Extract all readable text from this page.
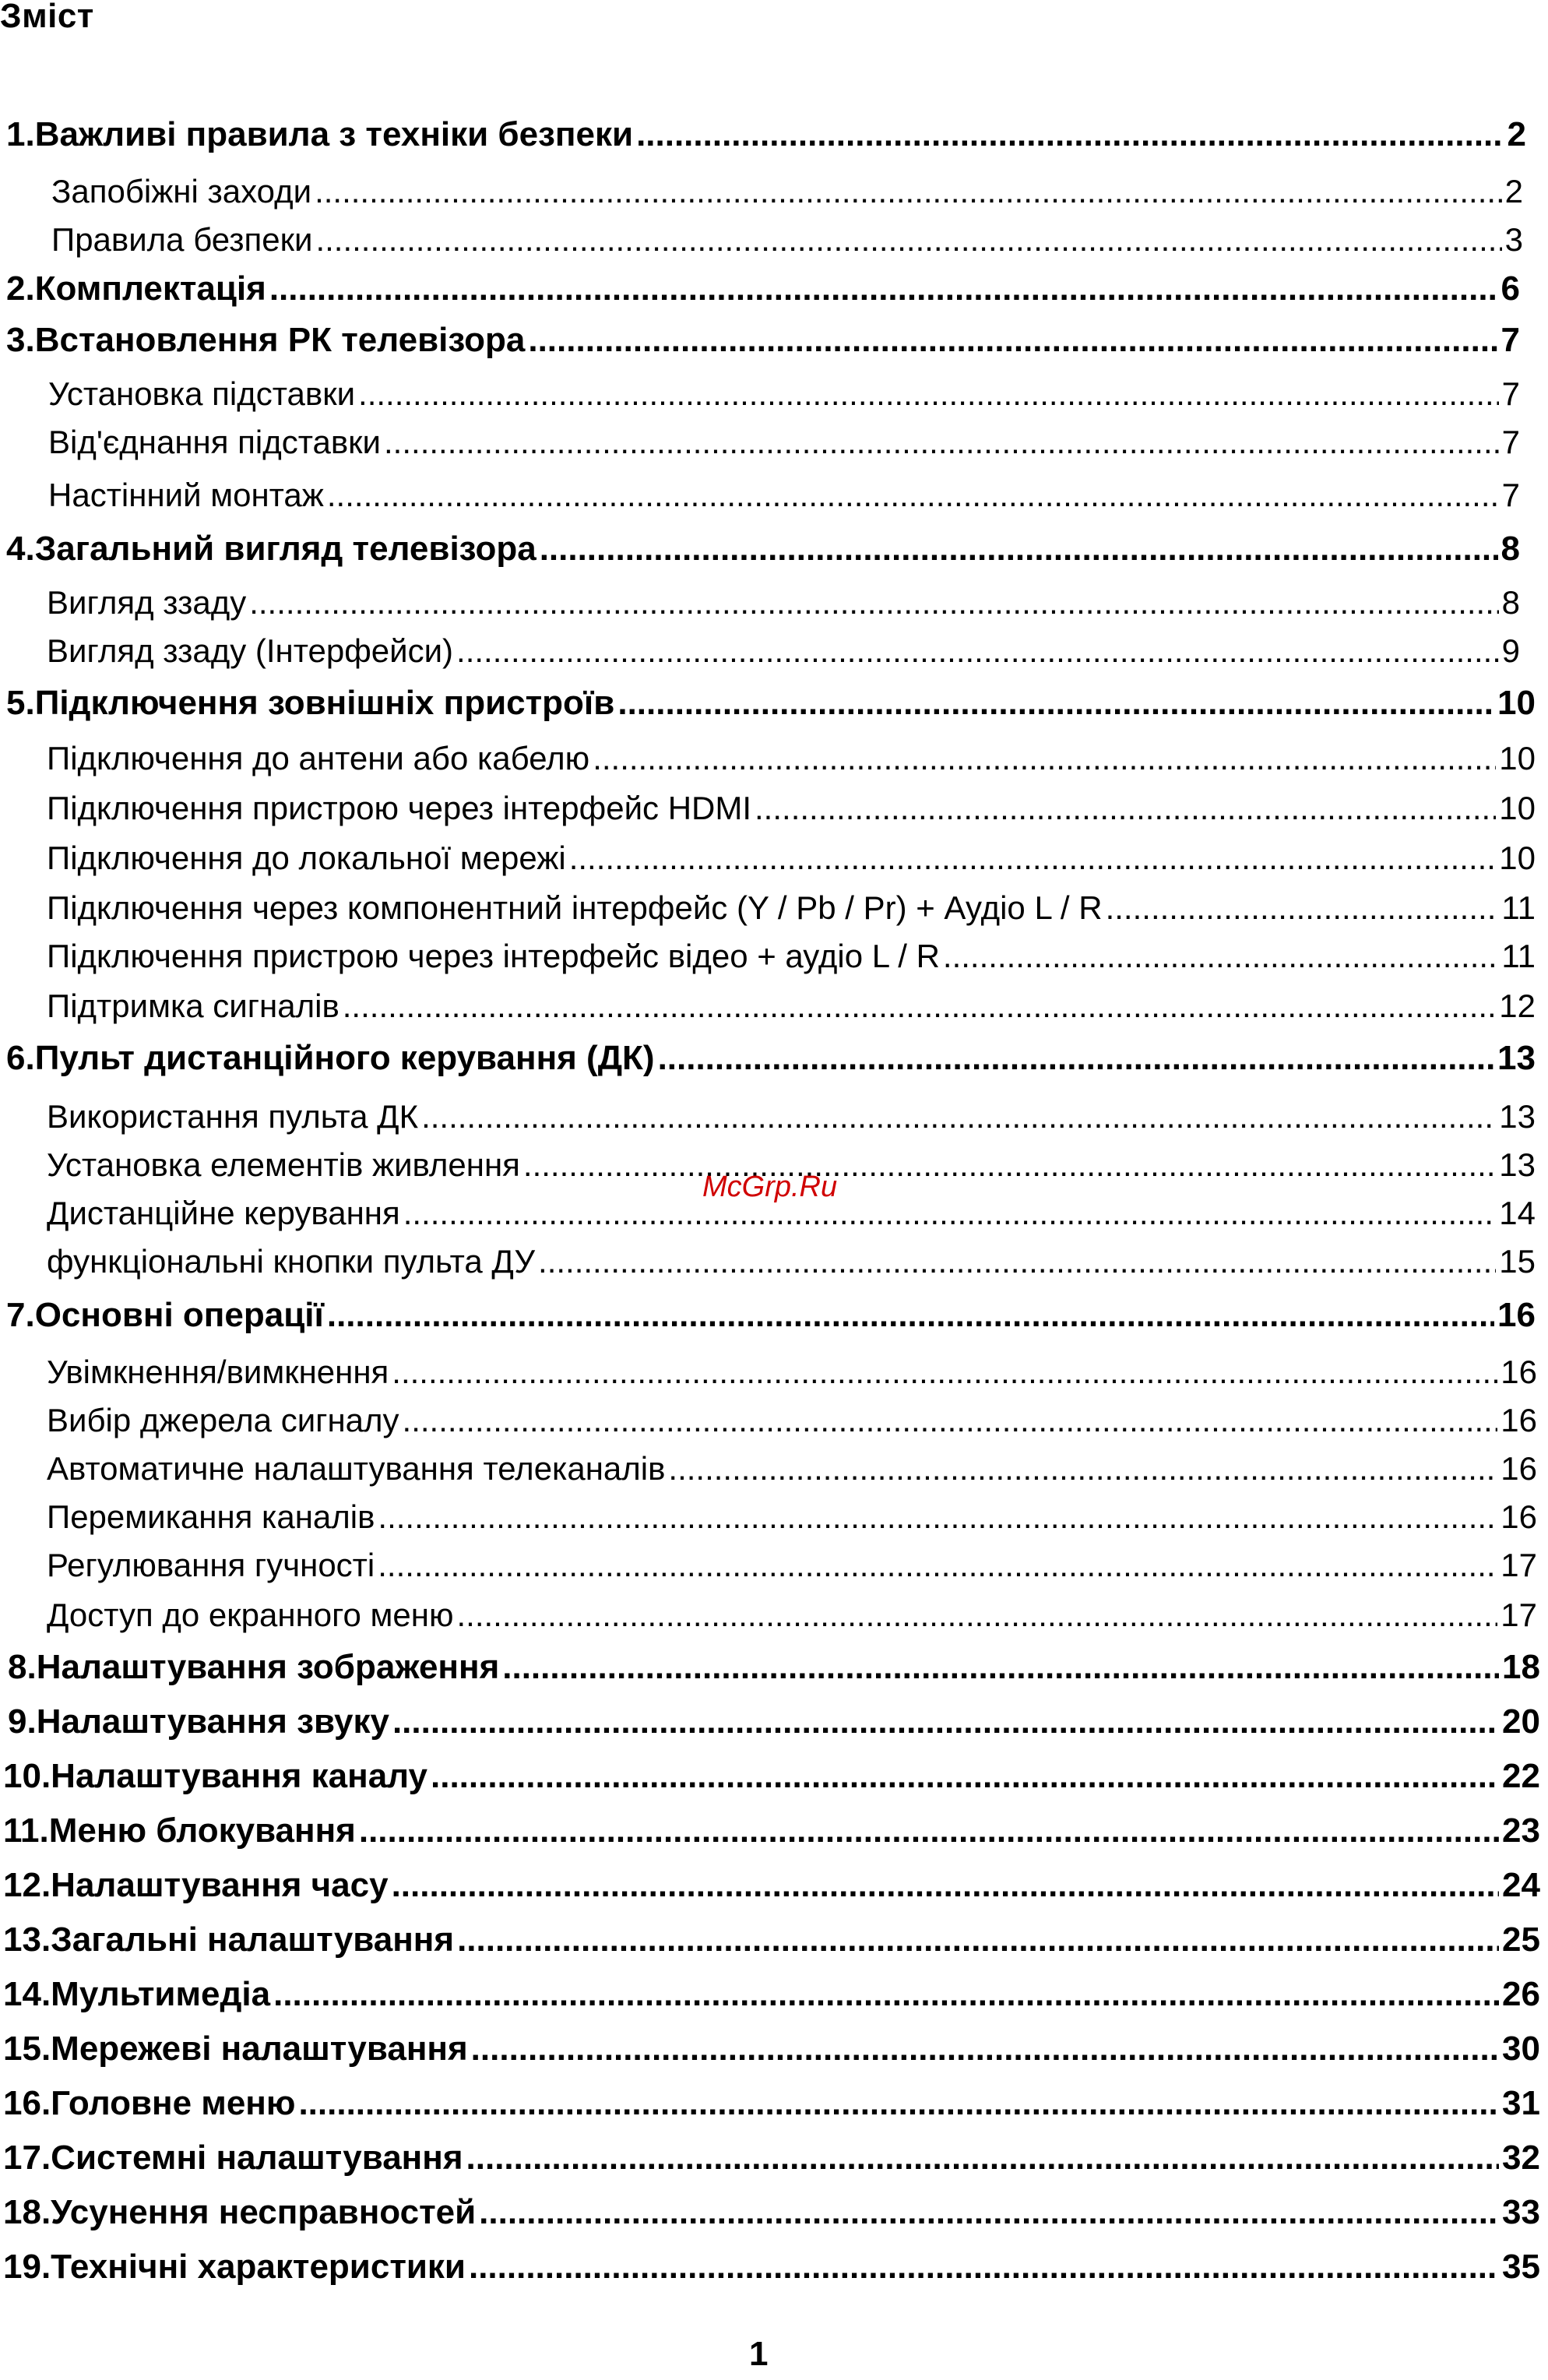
Зміст
1. Важливі правила з техніки безпеки .....	2
Запобіжні заходи .....	2
Правила безпеки .....	3
2. Комплектація .....	6
3. Встановлення РК телевізора .....	7
Установка підставки .....	7
Від'єднання підставки .....	7
Настінний монтаж .....	7
4. Загальний вигляд телевізора .....	8
Вигляд ззаду .....	8
Вигляд ззаду (Інтерфейси) .....	9
5. Підключення зовнішніх пристроїв .....	10
Підключення до антени або кабелю .....	10
Підключення пристрою через інтерфейс HDMI .....	10
Підключення до локальної мережі .....	10
Підключення через компонентний інтерфейс (Y / Pb / Pr) + Аудіо L / R .....	11
Підключення пристрою через інтерфейс відео + аудіо L / R .....	11
Підтримка сигналів .....	12
6. Пульт дистанційного керування (ДК) .....	13
Використання пульта ДК .....	13
Установка елементів живлення .....	13
Дистанційне керування .....	14
функціональні кнопки пульта ДУ .....	15
7. Основні операції .....	16
Увімкнення/вимкнення .....	16
Вибір джерела сигналу .....	16
Автоматичне налаштування телеканалів .....	16
Перемикання каналів .....	16
Регулювання гучності .....	17
Доступ до екранного меню .....	17
8. Налаштування зображення .....	18
9. Налаштування звуку .....	20
10. Налаштування каналу .....	22
11. Меню блокування .....	23
12. Налаштування часу .....	24
13. Загальні налаштування .....	25
14. Мультимедіа .....	26
15. Мережеві налаштування .....	30
16. Головне меню .....	31
17. Системні налаштування .....	32
18. Усунення несправностей .....	33
19. Технічні характеристики .....	35
McGrp.Ru
1
